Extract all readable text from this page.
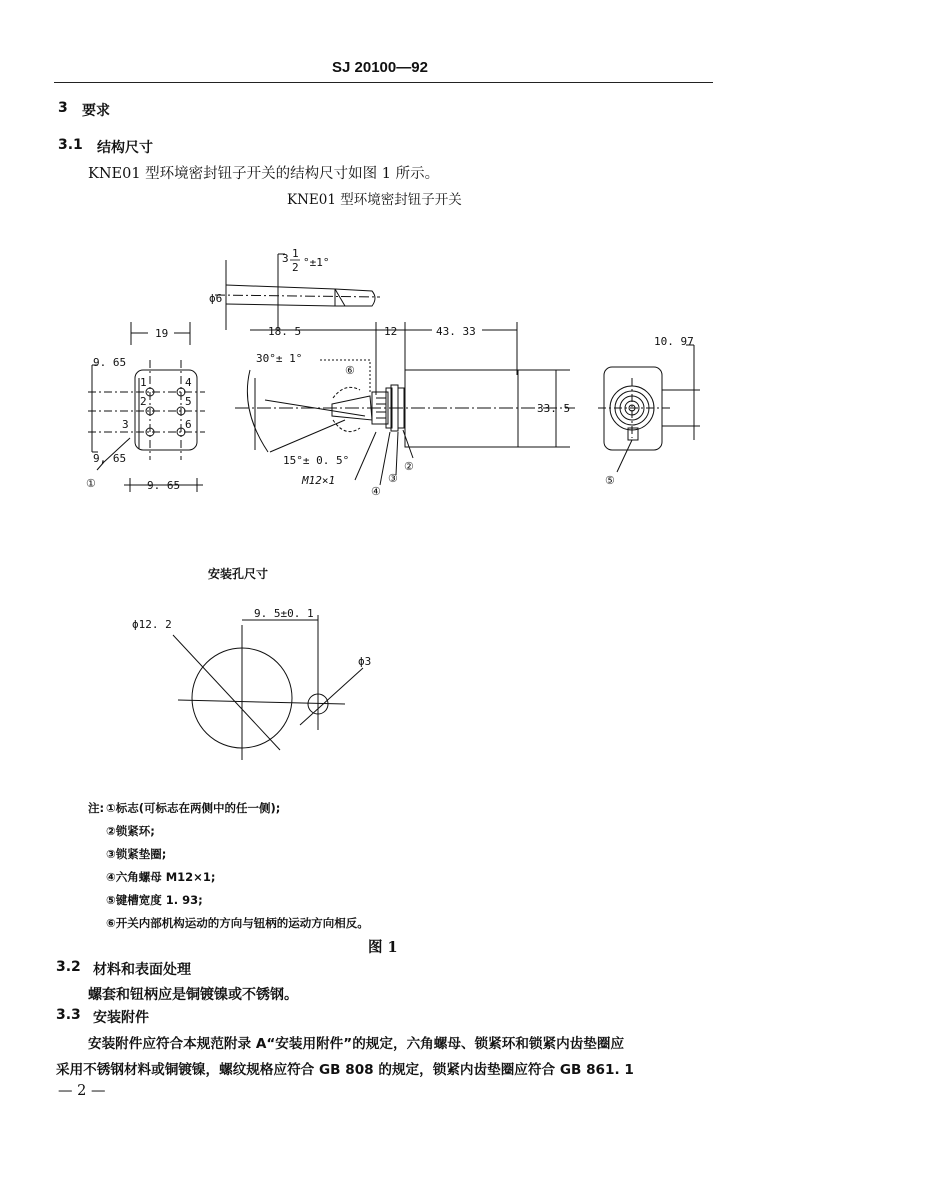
SJ 20100—92
3 要求
3.1 结构尺寸
KNE01 型环境密封钮子开关的结构尺寸如图 1 所示。
KNE01 型环境密封钮子开关
3 1
2 °±1°
ϕ6
19
9. 65
9, 65
9. 65
1
2
3
4
5
6
①
18. 5	12	43. 33
10. 97
30°± 1°
⑥
33. 5
15°± 0. 5°
M12×1
②
③
④
⑤
安装孔尺寸
ϕ12. 2
9. 5±0. 1
ϕ3
注: ①标志(可标志在两侧中的任一侧);
②锁紧环;
③锁紧垫圈;
④六角螺母 M12×1;
⑤键槽宽度 1. 93;
⑥开关内部机构运动的方向与钮柄的运动方向相反。
图 1
3.2 材料和表面处理
螺套和钮柄应是铜镀镍或不锈钢。
3.3 安装附件
安装附件应符合本规范附录 A“安装用附件”的规定，六角螺母、锁紧环和锁紧内齿垫圈应
采用不锈钢材料或铜镀镍，螺纹规格应符合 GB 808 的规定，锁紧内齿垫圈应符合 GB 861. 1
— 2 —
